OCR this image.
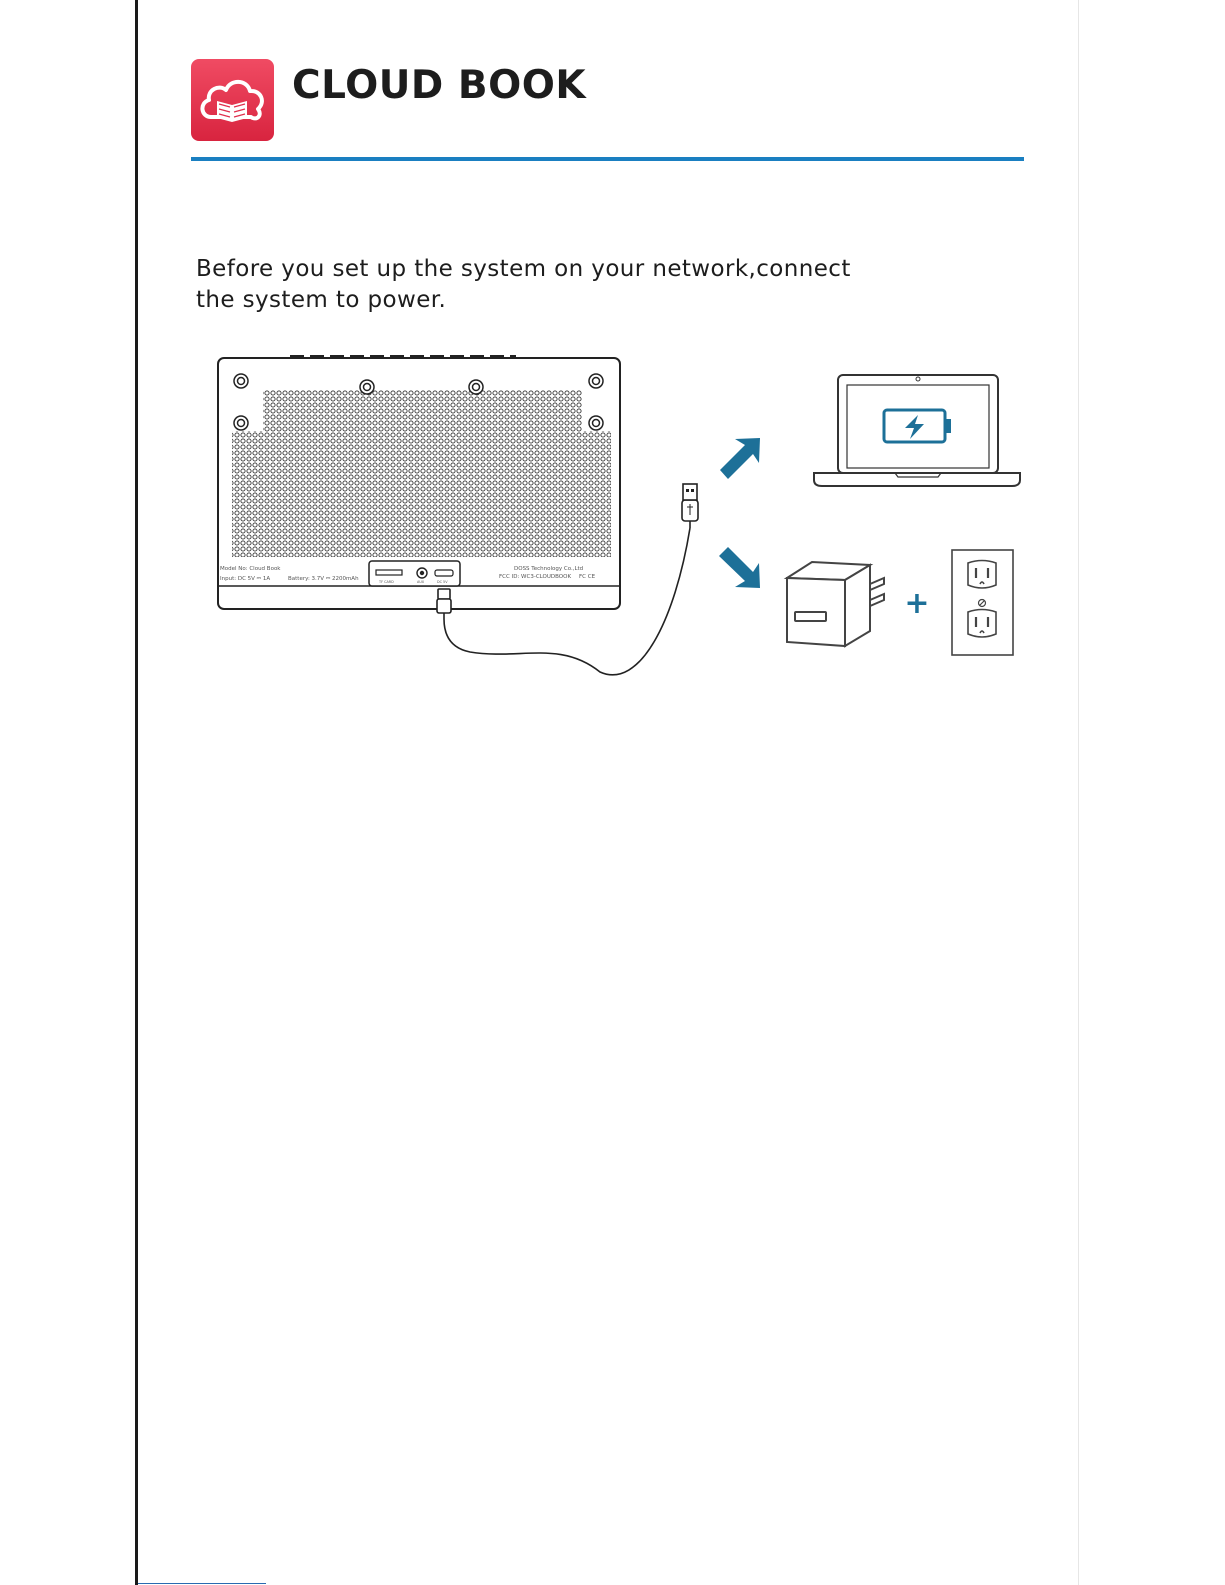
CLOUD BOOK
Before you set up the system on your network,connect
the system to power.
Model No: Cloud Book
Input: DC 5V ⎓ 1A	Battery: 3.7V ⎓ 2200mAh
DOSS Technology Co.,Ltd
FCC ID: WC3-CLOUDBOOK FC CE
TF CARD	AUX	DC 5V
+
